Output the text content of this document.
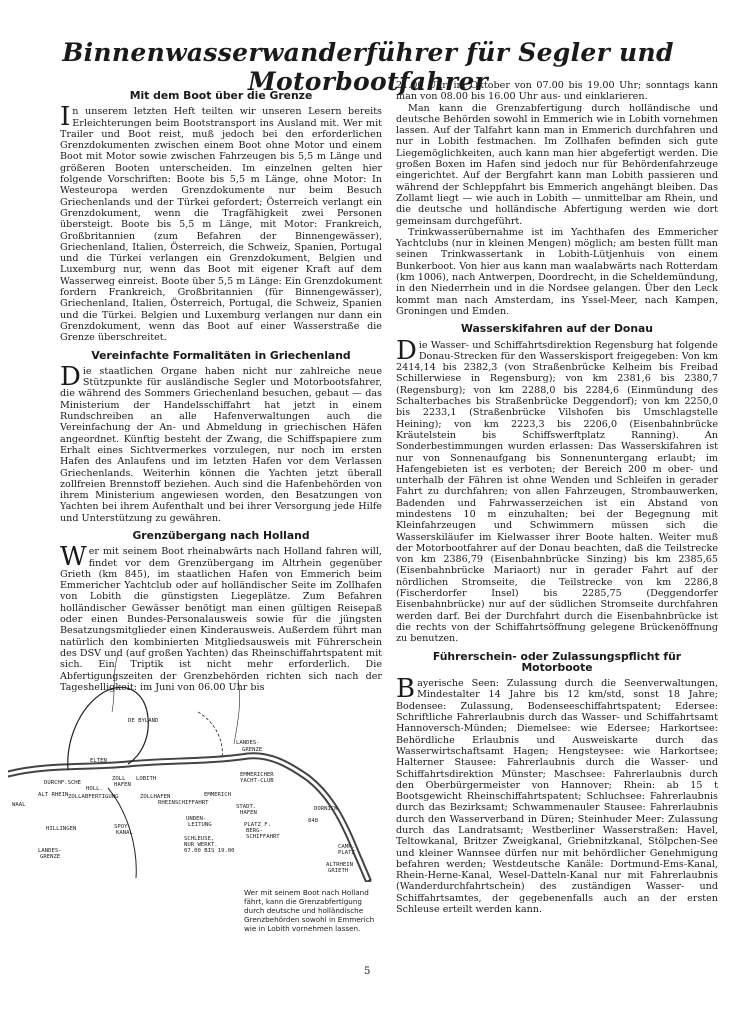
Binnenwasserwanderführer für Segler und Motorbootfahrer
Mit dem Boot über die Grenze

In unserem letzten Heft teilten wir unseren Lesern bereits Erleichterungen beim Bootstransport ins Ausland mit. Wer mit Trailer und Boot reist, muß jedoch bei den erforderlichen Grenzdokumenten zwischen einem Boot ohne Motor und einem Boot mit Motor sowie zwischen Fahrzeugen bis 5,5 m Länge und größeren Booten unterscheiden. Im einzelnen gelten hier folgende Vorschriften: Boote bis 5,5 m Länge, ohne Motor: In Westeuropa werden Grenzdokumente nur beim Besuch Griechenlands und der Türkei gefordert; Österreich verlangt ein Grenzdokument, wenn die Tragfähigkeit zwei Personen übersteigt. Boote bis 5,5 m Länge, mit Motor: Frankreich, Großbritannien (zum Befahren der Binnengewässer), Griechenland, Italien, Österreich, die Schweiz, Spanien, Portugal und die Türkei verlangen ein Grenzdokument, Belgien und Luxemburg nur, wenn das Boot mit eigener Kraft auf dem Wasserweg einreist. Boote über 5,5 m Länge: Ein Grenzdokument fordern Frankreich, Großbritannien (für Binnengewässer), Griechenland, Italien, Österreich, Portugal, die Schweiz, Spanien und die Türkei. Belgien und Luxemburg verlangen nur dann ein Grenzdokument, wenn das Boot auf einer Wasserstraße die Grenze überschreitet.

Vereinfachte Formalitäten in Griechenland

Die staatlichen Organe haben nicht nur zahlreiche neue Stützpunkte für ausländische Segler und Motorbootsfahrer, die während des Sommers Griechenland besuchen, gebaut — das Ministerium der Handelsschiffahrt hat jetzt in einem Rundschreiben an alle Hafenverwaltungen auch die Vereinfachung der An- und Abmeldung in griechischen Häfen angeordnet. Künftig besteht der Zwang, die Schiffspapiere zum Erhalt eines Sichtvermerkes vorzulegen, nur noch im ersten Hafen des Anlaufens und im letzten Hafen vor dem Verlassen Griechenlands. Weiterhin können die Yachten jetzt überall zollfreien Brennstoff beziehen. Auch sind die Hafenbehörden von ihrem Ministerium angewiesen worden, den Besatzungen von Yachten bei ihrem Aufenthalt und bei ihrer Versorgung jede Hilfe und Unterstützung zu gewähren.

Grenzübergang nach Holland

Wer mit seinem Boot rheinabwärts nach Holland fahren will, findet vor dem Grenzübergang im Altrhein gegenüber Grieth (km 845), im staatlichen Hafen von Emmerich beim Emmericher Yachtclub oder auf holländischer Seite im Zollhafen von Lobith die günstigsten Liegeplätze. Zum Befahren holländischer Gewässer benötigt man einen gültigen Reisepaß oder einen Bundes-Personalausweis sowie für die jüngsten Besatzungsmitglieder einen Kinderausweis. Außerdem führt man natürlich den kombinierten Mitgliedsausweis mit Führerschein des DSV und (auf großen Yachten) das Rheinschiffahrtspatent mit sich. Ein Triptik ist nicht mehr erforderlich. Die Abfertigungszeiten der Grenzbehörden richten sich nach der Tageshelligkeit: im Juni von 06.00 Uhr bis

21.00 Uhr, im Oktober von 07.00 bis 19.00 Uhr; sonntags kann man von 08.00 bis 16.00 Uhr aus- und einklarieren.

Man kann die Grenzabfertigung durch holländische und deutsche Behörden sowohl in Emmerich wie in Lobith vornehmen lassen. Auf der Talfahrt kann man in Emmerich durchfahren und nur in Lobith festmachen. Im Zollhafen befinden sich gute Liegemöglichkeiten, auch kann man hier abgefertigt werden. Die großen Boxen im Hafen sind jedoch nur für Behördenfahrzeuge eingerichtet. Auf der Bergfahrt kann man Lobith passieren und während der Schleppfahrt bis Emmerich angehängt bleiben. Das Zollamt liegt — wie auch in Lobith — unmittelbar am Rhein, und die deutsche und holländische Abfertigung werden wie dort gemeinsam durchgeführt.

Trinkwasserübernahme ist im Yachthafen des Emmericher Yachtclubs (nur in kleinen Mengen) möglich; am besten füllt man seinen Trinkwassertank in Lobith-Lütjenhuis von einem Bunkerboot. Von hier aus kann man waalabwärts nach Rotterdam (km 1006), nach Antwerpen, Doordrecht, in die Scheldemündung, in den Niederrhein und in die Nordsee gelangen. Über den Leck kommt man nach Amsterdam, ins Yssel-Meer, nach Kampen, Groningen und Emden.

Wasserskifahren auf der Donau

Die Wasser- und Schiffahrtsdirektion Regensburg hat folgende Donau-Strecken für den Wasserskisport freigegeben: Von km 2414,14 bis 2382,3 (von Straßenbrücke Kelheim bis Freibad Schillerwiese in Regensburg); von km 2381,6 bis 2380,7 (Regensburg); von km 2288,0 bis 2284,6 (Einmündung des Schalterbaches bis Straßenbrücke Deggendorf); von km 2250,0 bis 2233,1 (Straßenbrücke Vilshofen bis Umschlagstelle Heining); von km 2223,3 bis 2206,0 (Eisenbahnbrücke Kräutelstein bis Schiffswerftplatz Ranning). An Sonderbestimmungen wurden erlassen: Das Wasserskifahren ist nur von Sonnenaufgang bis Sonnenuntergang erlaubt; im Hafengebieten ist es verboten; der Bereich 200 m ober- und unterhalb der Fähren ist ohne Wenden und Schleifen in gerader Fahrt zu durchfahren; von allen Fahrzeugen, Strombauwerken, Badenden und Fahrwasserzeichen ist ein Abstand von mindestens 10 m einzuhalten; bei der Begegnung mit Kleinfahrzeugen und Schwimmern müssen sich die Wasserskiläufer im Kielwasser ihrer Boote halten. Weiter muß der Motorbootfahrer auf der Donau beachten, daß die Teilstrecke von km 2386,79 (Eisenbahnbrücke Sinzing) bis km 2385,65 (Eisenbahnbrücke Mariaort) nur in gerader Fahrt auf der nördlichen Stromseite, die Teilstrecke von km 2286,8 (Fischerdorfer Insel) bis 2285,75 (Deggendorfer Eisenbahnbrücke) nur auf der südlichen Stromseite durchfahren werden darf. Bei der Durchfahrt durch die Eisenbahnbrücke ist die rechts von der Schiffahrtsöffnung gelegene Brückenöffnung zu benutzen.

Führerschein- oder Zulassungspflicht für Motorboote

Bayerische Seen: Zulassung durch die Seenverwaltungen, Mindestalter 14 Jahre bis 12 km/std, sonst 18 Jahre; Bodensee: Zulassung, Bodenseeschiffahrtspatent; Edersee: Schriftliche Fahrerlaubnis durch das Wasser- und Schiffahrtsamt Hannoversch-Münden; Diemelsee: wie Edersee; Harkortsee: Behördliche Erlaubnis und Ausweiskarte durch das Wasserwirtschaftsamt Hagen; Hengsteysee: wie Harkortsee; Halterner Stausee: Fahrerlaubnis durch die Wasser- und Schiffahrtsdirektion Münster; Maschsee: Fahrerlaubnis durch den Oberbürgermeister von Hannover; Rhein: ab 15 t Bootsgewicht Rheinschiffahrtspatent; Schluchsee: Fahrerlaubnis durch das Bezirksamt; Schwammenauler Stausee: Fahrerlaubnis durch den Wasserverband in Düren; Steinhuder Meer: Zulassung durch das Landratsamt; Westberliner Wasserstraßen: Havel, Teltowkanal, Britzer Zweigkanal, Griebnitzkanal, Stölpchen-See und kleiner Wannsee dürfen nur mit behördlicher Genehmigung befahren werden; Westdeutsche Kanäle: Dortmund-Ems-Kanal, Rhein-Herne-Kanal, Wesel-Datteln-Kanal nur mit Fahrerlaubnis (Wanderdurchfahrtschein) des zuständigen Wasser- und Schiffahrtsamtes, der gegebenenfalls auch an der ersten Schleuse erteilt werden kann.

LANDES-
GRENZE
DE BYLAND
DURCHF.SCHE
ZOLL
HAFEN
LOBITH
HOLL.
ZOLLABFERTIGUNG	ZOLLHAFEN
RHEINSCHIFFAHRT
EMMERICH
STADT.
HAFEN
EMMERICHER
YACHT-CLUB
SPOY-
KANAL
SCHLEUSE,
NUR WERKT.
07.00 BIS 19.00
LANDES-
GRENZE
UNDEN-
LEITUNG	PLATZ F.
BERG-
SCHIFFAHRT
DORNICK
CAMP.
PLATZ
ALTRHEIN
GRIETH
HILLINGEN
WAAL
ALT RHEIN
ELTEN
848
Wer mit seinem Boot nach Holland fährt, kann die Grenzabfertigung durch deutsche und holländische Grenzbehörden sowohl in Emmerich wie in Lobith vornehmen lassen.
5
